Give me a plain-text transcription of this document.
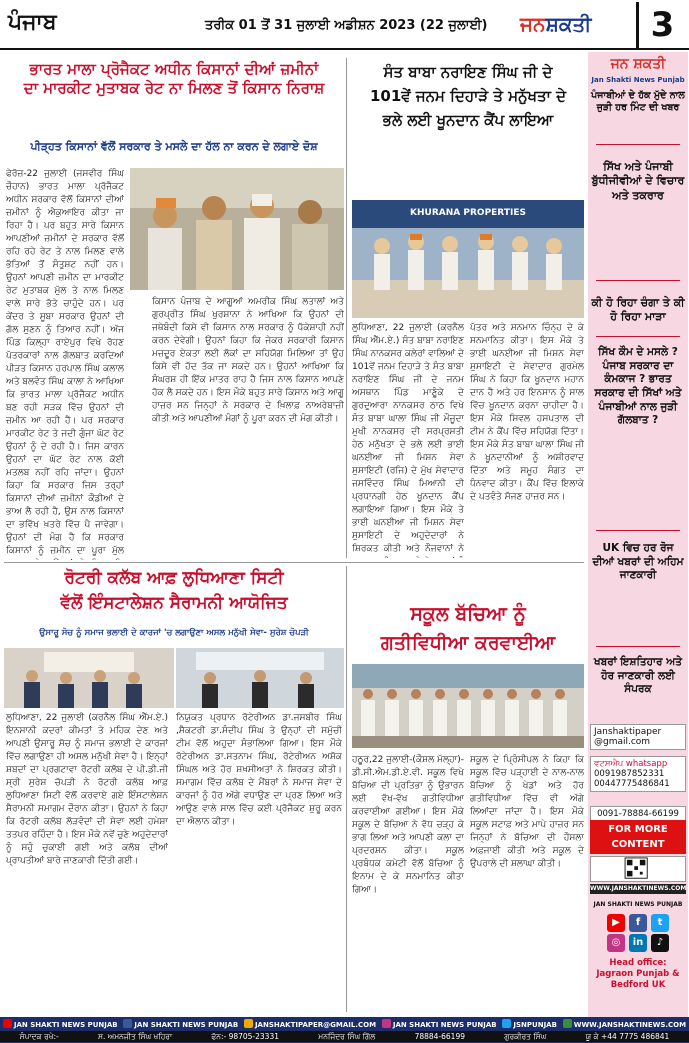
ਪੰਜਾਬ	ਤਰੀਕ 01 ਤੋਂ 31 ਜੁਲਾਈ ਅਡੀਸ਼ਨ 2023 (22 ਜੁਲਾਈ) ਜਨਸ਼ਕਤੀ	3
ਭਾਰਤ ਮਾਲਾ ਪ੍ਰੋਜੈਕਟ ਅਧੀਨ ਕਿਸਾਨਾਂ ਦੀਆਂ ਜ਼ਮੀਨਾਂ
ਦਾ ਮਾਰਕੀਟ ਮੁਤਾਬਕ ਰੇਟ ਨਾ ਮਿਲਣ ਤੋਂ ਕਿਸਾਨ ਨਿਰਾਸ਼
ਪੀੜ੍ਹਤ ਕਿਸਾਨਾਂ ਵੱਲੋਂ ਸਰਕਾਰ ਤੇ ਮਸਲੇ ਦਾ ਹੱਲ ਨਾ ਕਰਨ ਦੇ ਲਗਾਏ ਦੋਸ਼
ਫੇਰੋਜ਼-22 ਜੁਲਾਈ (ਜਸਵੀਰ ਸਿੰਘ ਚੌਹਾਨ) ਭਾਰਤ ਮਾਲਾ ਪ੍ਰੋਜੈਕਟ ਅਧੀਨ ਸਰਕਾਰ ਵੱਲੋਂ ਕਿਸਾਨਾਂ ਦੀਆਂ ਜ਼ਮੀਨਾਂ ਨੂੰ ਐਕੁਆਇਰ ਕੀਤਾ ਜਾ ਰਿਹਾ ਹੈ। ਪਰ ਬਹੁਤ ਸਾਰੇ ਕਿਸਾਨ ਆਪਣੀਆਂ ਜ਼ਮੀਨਾਂ ਦੇ ਸਰਕਾਰ ਵੱਲੋਂ ਰਹਿ ਰਹੇ ਰੇਟ ਤੇ ਨਾਲ ਮਿਲਣ ਵਾਲੇ ਭੱਤਿਆਂ ਤੋਂ ਸੰਤੁਸ਼ਟ ਨਹੀਂ ਹਨ। ਉਹਨਾਂ ਆਪਣੀ ਜ਼ਮੀਨ ਦਾ ਮਾਰਕੀਟ ਰੇਟ ਮੁਤਾਬਕ ਮੁੱਲ ਤੇ ਨਾਲ ਮਿਲਣ ਵਾਲੇ ਸਾਰੇ ਭੱਤੇ ਚਾਹੁੰਦੇ ਹਨ। ਪਰ ਕੇਂਦਰ ਤੇ ਸੂਬਾ ਸਰਕਾਰ ਉਹਨਾਂ ਦੀ ਗੱਲ ਸੁਣਨ ਨੂੰ ਤਿਆਰ ਨਹੀਂ। ਅੱਜ ਪਿੰਡ ਕਿਲ੍ਹਾ ਰਾਏਪੁਰ ਵਿਖੇ ਰੋਹਣ ਪੱਤਰਕਾਰਾਂ ਨਾਲ ਗੱਲਬਾਤ ਕਰਦਿਆਂ ਪੀੜਤ ਕਿਸਾਨ ਹਰਪਾਲ ਸਿੰਘ ਕਲਾਲ ਅਤੇ ਬਲਵੰਤ ਸਿੰਘ ਕਾਲਾ ਨੇ ਆਖਿਆ ਕਿ ਭਾਰਤ ਮਾਲਾ ਪ੍ਰੋਜੈਕਟ ਅਧੀਨ ਬਣ ਰਹੀ ਸੜਕ ਵਿੱਚ ਉਹਨਾਂ ਦੀ ਜ਼ਮੀਨ ਆ ਰਹੀ ਹੈ। ਪਰ ਸਰਕਾਰ ਮਾਰਕੀਟ ਰੇਟ ਤੇ ਜਦੀ ਗੁੰਜਾ ਘੱਟ ਰੇਟ ਉਹਨਾਂ ਨੂੰ ਦੇ ਰਹੀ ਹੈ। ਜਿਸ ਕਾਰਨ ਉਹਨਾਂ ਦਾ ਘੱਟ ਰੇਟ ਨਾਲ ਕੋਈ ਮਤਲਬ ਨਹੀਂ ਰਹਿ ਜਾਂਦਾ। ਉਹਨਾਂ ਕਿਹਾ ਕਿ ਸਰਕਾਰ ਜਿਸ ਤਰ੍ਹਾਂ ਕਿਸਾਨਾਂ ਦੀਆਂ ਜ਼ਮੀਨਾਂ ਕੌਡੀਆਂ ਦੇ ਭਾਅ ਲੈ ਰਹੀ ਹੈ, ਉਸ ਨਾਲ ਕਿਸਾਨਾਂ ਦਾ ਭਵਿੱਖ ਖ਼ਤਰੇ ਵਿੱਚ ਪੈ ਜਾਵੇਗਾ। ਉਹਨਾਂ ਦੀ ਮੰਗ ਹੈ ਕਿ ਸਰਕਾਰ ਕਿਸਾਨਾਂ ਨੂੰ ਜ਼ਮੀਨ ਦਾ ਪੂਰਾ ਮੁੱਲ
ਕਿਸਾਨ ਪੰਜਾਬ ਦੇ ਆਗੂਆਂ ਅਮਰੀਕ ਸਿੰਘ ਲਤਾਲਾਂ ਅਤੇ ਗੁਰਪ੍ਰੀਤ ਸਿੰਘ ਖੁਰਸ਼ਾਨਾ ਨੇ ਆਖਿਆ ਕਿ ਉਹਨਾਂ ਦੀ ਜਥੇਬੰਦੀ ਕਿਸੇ ਵੀ ਕਿਸਾਨ ਨਾਲ ਸਰਕਾਰ ਨੂੰ ਧੱਕੇਸ਼ਾਹੀ ਨਹੀਂ ਕਰਨ ਦੇਵੇਗੀ। ਉਹਨਾਂ ਕਿਹਾ ਕਿ ਜੇਕਰ ਸਰਕਾਰੀ ਕਿਸਾਨ ਮਜ਼ਦੂਰ ਏਕਤਾ ਲਈ ਲੋਕਾਂ ਦਾ ਸਹਿਯੋਗ ਮਿਲਿਆ ਤਾਂ ਉਹ ਕਿਸੇ ਵੀ ਹੱਦ ਤੱਕ ਜਾ ਸਕਦੇ ਹਨ। ਉਹਨਾਂ ਆਖਿਆ ਕਿ ਸੰਘਰਸ਼ ਹੀ ਇੱਕ ਮਾਤਰ ਰਾਹ ਹੈ ਜਿਸ ਨਾਲ ਕਿਸਾਨ ਆਪਣੇ ਹੱਕ ਲੈ ਸਕਦੇ ਹਨ। ਇਸ ਮੌਕੇ ਬਹੁਤ ਸਾਰੇ ਕਿਸਾਨ ਅਤੇ ਆਗੂ ਹਾਜ਼ਰ ਸਨ ਜਿਨ੍ਹਾਂ ਨੇ ਸਰਕਾਰ ਦੇ ਖ਼ਿਲਾਫ਼ ਨਾਅਰੇਬਾਜ਼ੀ ਕੀਤੀ ਅਤੇ ਆਪਣੀਆਂ ਮੰਗਾਂ ਨੂੰ ਪੂਰਾ ਕਰਨ ਦੀ ਮੰਗ ਕੀਤੀ।
ਸੰਤ ਬਾਬਾ ਨਰਾਇਣ ਸਿੰਘ ਜੀ ਦੇ
101ਵੇਂ ਜਨਮ ਦਿਹਾੜੇ ਤੇ ਮਨੁੱਖਤਾ ਦੇ
ਭਲੇ ਲਈ ਖੂਨਦਾਨ ਕੈਂਪ ਲਾਇਆ
KHURANA PROPERTIES
ਲੁਧਿਆਣਾ, 22 ਜੁਲਾਈ (ਕਰਨੈਲ ਸਿੰਘ ਐੱਮ.ਏ.) ਸੰਤ ਬਾਬਾ ਨਰਾਇਣ ਸਿੰਘ ਨਾਨਕਸਰ ਕਲੇਰਾਂ ਵਾਲਿਆਂ ਦੇ 101ਵੇਂ ਜਨਮ ਦਿਹਾੜੇ ਤੇ ਸੰਤ ਬਾਬਾ ਨਰਾਇਣ ਸਿੰਘ ਜੀ ਦੇ ਜਨਮ ਅਸਥਾਨ ਪਿੰਡ ਮਾਣੂੰਕੇ ਦੇ ਗੁਰਦੁਆਰਾ ਨਾਨਕਸਰ ਠਾਠ ਵਿਖੇ ਸੰਤ ਬਾਬਾ ਘਾਲਾ ਸਿੰਘ ਜੀ ਮੌਜੂਦਾ ਮੁਖੀ ਨਾਨਕਸਰ ਦੀ ਸਰਪ੍ਰਸਤੀ ਹੇਠ ਮਨੁੱਖਤਾ ਦੇ ਭਲੇ ਲਈ ਭਾਈ ਘਨਈਆ ਜੀ ਮਿਸ਼ਨ ਸੇਵਾ ਸੁਸਾਇਟੀ (ਰਜਿ) ਦੇ ਮੁੱਖ ਸੇਵਾਦਾਰ ਜਸਵਿੰਦਰ ਸਿੰਘ ਮਿਆਨੀ ਦੀ ਪ੍ਰਧਾਨਗੀ ਹੇਠ ਖੂਨਦਾਨ ਕੈਂਪ ਲਗਾਇਆ ਗਿਆ। ਇਸ ਮੌਕੇ ਤੇ ਭਾਈ ਘਨਈਆ ਜੀ ਮਿਸ਼ਨ ਸੇਵਾ ਸੁਸਾਇਟੀ ਦੇ ਅਹੁਦੇਦਾਰਾਂ ਨੇ ਸ਼ਿਰਕਤ ਕੀਤੀ ਅਤੇ ਨੌਜਵਾਨਾਂ ਨੇ
ਪੱਤਰ ਅਤੇ ਸਨਮਾਨ ਚਿੰਨ੍ਹ ਦੇ ਕੇ ਸਨਮਾਨਿਤ ਕੀਤਾ। ਇਸ ਮੌਕੇ ਤੇ ਭਾਈ ਘਨਈਆ ਜੀ ਮਿਸ਼ਨ ਸੇਵਾ ਸੁਸਾਇਟੀ ਦੇ ਸੇਵਾਦਾਰ ਗੁਰਮੇਲ ਸਿੰਘ ਨੇ ਕਿਹਾ ਕਿ ਖੂਨਦਾਨ ਮਹਾਨ ਦਾਨ ਹੈ ਅਤੇ ਹਰ ਇਨਸਾਨ ਨੂੰ ਸਾਲ ਵਿੱਚ ਖੂਨਦਾਨ ਕਰਨਾ ਚਾਹੀਦਾ ਹੈ। ਇਸ ਮੌਕੇ ਸਿਵਲ ਹਸਪਤਾਲ ਦੀ ਟੀਮ ਨੇ ਕੈਂਪ ਵਿੱਚ ਸਹਿਯੋਗ ਦਿੱਤਾ। ਇਸ ਮੌਕੇ ਸੰਤ ਬਾਬਾ ਘਾਲਾ ਸਿੰਘ ਜੀ ਨੇ ਖੂਨਦਾਨੀਆਂ ਨੂੰ ਅਸ਼ੀਰਵਾਦ ਦਿੱਤਾ ਅਤੇ ਸਮੂਹ ਸੰਗਤ ਦਾ ਧੰਨਵਾਦ ਕੀਤਾ। ਕੈਂਪ ਵਿੱਚ ਇਲਾਕੇ ਦੇ ਪਤਵੰਤੇ ਸੱਜਣ ਹਾਜ਼ਰ ਸਨ।
ਰੋਟਰੀ ਕਲੱਬ ਆਫ਼ ਲੁਧਿਆਣਾ ਸਿਟੀ
ਵੱਲੋਂ ਇੰਸਟਾਲੇਸ਼ਨ ਸੈਰਾਮਨੀ ਆਯੋਜਿਤ
ਉਸਾਰੂ ਸੋਚ ਨੂੰ ਸਮਾਜ ਭਲਾਈ ਦੇ ਕਾਰਜਾਂ 'ਚ ਲਗਾਉਣਾ ਅਸਲ ਮਨੁੱਖੀ ਸੇਵਾ- ਸੁਰੇਸ਼ ਚੋਪੜੀ
ਲੁਧਿਆਣਾ, 22 ਜੁਲਾਈ (ਕਰਨੈਲ ਸਿੰਘ ਐੱਮ.ਏ.) ਇਨਸਾਨੀ ਕਦਰਾਂ ਕੀਮਤਾਂ ਤੇ ਮਹਿਕ ਦੇਣ ਅਤੇ ਆਪਣੀ ਉਸਾਰੂ ਸੋਚ ਨੂੰ ਸਮਾਜ ਭਲਾਈ ਦੇ ਕਾਰਜਾਂ ਵਿੱਚ ਲਗਾਉਣਾ ਹੀ ਅਸਲ ਮਨੁੱਖੀ ਸੇਵਾ ਹੈ। ਇਨ੍ਹਾਂ ਸ਼ਬਦਾਂ ਦਾ ਪ੍ਰਗਟਾਵਾ ਰੋਟਰੀ ਕਲੱਬ ਦੇ ਪੀ.ਡੀ.ਜੀ ਸ੍ਰੀ ਸੁਰੇਸ਼ ਚੋਪੜੀ ਨੇ ਰੋਟਰੀ ਕਲੱਬ ਆਫ਼ ਲੁਧਿਆਣਾ ਸਿਟੀ ਵੱਲੋਂ ਕਰਵਾਏ ਗਏ ਇੰਸਟਾਲੇਸ਼ਨ ਸੈਰਾਮਨੀ ਸਮਾਗਮ ਦੌਰਾਨ ਕੀਤਾ। ਉਹਨਾਂ ਨੇ ਕਿਹਾ ਕਿ ਰੋਟਰੀ ਕਲੱਬ ਲੋੜਵੰਦਾਂ ਦੀ ਸੇਵਾ ਲਈ ਹਮੇਸ਼ਾ ਤਤਪਰ ਰਹਿੰਦਾ ਹੈ। ਇਸ ਮੌਕੇ ਨਵੇਂ ਚੁਣੇ ਅਹੁਦੇਦਾਰਾਂ ਨੂੰ ਸਹੁੰ ਚੁਕਾਈ ਗਈ ਅਤੇ ਕਲੱਬ ਦੀਆਂ ਪ੍ਰਾਪਤੀਆਂ ਬਾਰੇ ਜਾਣਕਾਰੀ ਦਿੱਤੀ ਗਈ।
ਨਿਯੁਕਤ ਪ੍ਰਧਾਨ ਰੋਟੇਰੀਅਨ ਡਾ.ਜਸਬੀਰ ਸਿੰਘ ,ਸੈਕਟਰੀ ਡਾ.ਸੰਦੀਪ ਸਿੰਘ ਤੇ ਉਨ੍ਹਾਂ ਦੀ ਸਮੁੱਚੀ ਟੀਮ ਵੱਲੋਂ ਅਹੁਦਾ ਸੰਭਾਲਿਆ ਗਿਆ। ਇਸ ਮੌਕੇ ਰੋਟੇਰੀਅਨ ਡਾ.ਸਤਨਾਮ ਸਿੰਘ, ਰੋਟੇਰੀਅਨ ਅਸ਼ੋਕ ਸਿੰਘਲ ਅਤੇ ਹੋਰ ਸ਼ਖ਼ਸੀਅਤਾਂ ਨੇ ਸ਼ਿਰਕਤ ਕੀਤੀ। ਸਮਾਗਮ ਵਿੱਚ ਕਲੱਬ ਦੇ ਮੈਂਬਰਾਂ ਨੇ ਸਮਾਜ ਸੇਵਾ ਦੇ ਕਾਰਜਾਂ ਨੂੰ ਹੋਰ ਅੱਗੇ ਵਧਾਉਣ ਦਾ ਪ੍ਰਣ ਲਿਆ ਅਤੇ ਆਉਣ ਵਾਲੇ ਸਾਲ ਵਿੱਚ ਕਈ ਪ੍ਰੋਜੈਕਟ ਸ਼ੁਰੂ ਕਰਨ ਦਾ ਐਲਾਨ ਕੀਤਾ।
ਸਕੂਲ ਬੱਚਿਆ ਨੂੰ
ਗਤੀਵਿਧੀਆ ਕਰਵਾਈਆ
ਹਠੂਰ,22 ਜੁਲਾਈ-(ਕੌਸ਼ਲ ਮੱਲ੍ਹਾ)-ਡੀ.ਸੀ.ਐਮ.ਡੀ.ਏ.ਵੀ. ਸਕੂਲ ਵਿਖੇ ਬੱਚਿਆ ਦੀ ਪ੍ਰਤਿਭਾ ਨੂੰ ਉਭਾਰਨ ਲਈ ਵੱਖ-ਵੱਖ ਗਤੀਵਿਧੀਆ ਕਰਵਾਈਆ ਗਈਆ। ਇਸ ਮੌਕੇ ਸਕੂਲ ਦੇ ਬੱਚਿਆ ਨੇ ਵੱਧ ਚੜ੍ਹ ਕੇ ਭਾਗ ਲਿਆ ਅਤੇ ਆਪਣੀ ਕਲਾ ਦਾ ਪ੍ਰਦਰਸ਼ਨ ਕੀਤਾ। ਸਕੂਲ ਪ੍ਰਬੰਧਕ ਕਮੇਟੀ ਵੱਲੋਂ ਬੱਚਿਆ ਨੂੰ ਇਨਾਮ ਦੇ ਕੇ ਸਨਮਾਨਿਤ ਕੀਤਾ ਗਿਆ।
ਸਕੂਲ ਦੇ ਪ੍ਰਿੰਸੀਪਲ ਨੇ ਕਿਹਾ ਕਿ ਸਕੂਲ ਵਿੱਚ ਪੜ੍ਹਾਈ ਦੇ ਨਾਲ-ਨਾਲ ਬੱਚਿਆ ਨੂੰ ਖੇਡਾਂ ਅਤੇ ਹੋਰ ਗਤੀਵਿਧੀਆ ਵਿੱਚ ਵੀ ਅੱਗੇ ਲਿਆਂਦਾ ਜਾਂਦਾ ਹੈ। ਇਸ ਮੌਕੇ ਸਕੂਲ ਸਟਾਫ਼ ਅਤੇ ਮਾਪੇ ਹਾਜ਼ਰ ਸਨ ਜਿਨ੍ਹਾਂ ਨੇ ਬੱਚਿਆ ਦੀ ਹੌਸਲਾ ਅਫ਼ਜਾਈ ਕੀਤੀ ਅਤੇ ਸਕੂਲ ਦੇ ਉਪਰਾਲੇ ਦੀ ਸ਼ਲਾਘਾ ਕੀਤੀ।
ਜਨ ਸ਼ਕਤੀ
Jan Shakti News Punjab
ਪੰਜਾਬੀਆਂ ਦੇ ਹੱਕ ਮੁੱਦੇ ਨਾਲ ਜੁੜੀ ਹਰ ਮਿੰਟ ਦੀ ਖਬਰ
ਸਿੱਖ ਅਤੇ ਪੰਜਾਬੀ ਬੁੱਧੀਜੀਵੀਆਂ ਦੇ ਵਿਚਾਰ ਅਤੇ ਤਕਰਾਰ
ਕੀ ਹੋ ਰਿਹਾ ਚੰਗਾ ਤੇ ਕੀ ਹੋ ਰਿਹਾ ਮਾੜਾ
ਸਿੱਖ ਕੌਮ ਦੇ ਮਸਲੇ ? ਪੰਜਾਬ ਸਰਕਾਰ ਦਾ ਕੰਮਕਾਜ ? ਭਾਰਤ ਸਰਕਾਰ ਦੀ ਸਿੱਖਾਂ ਅਤੇ ਪੰਜਾਬੀਆਂ ਨਾਲ ਜੁੜੀ ਗੱਲਬਾਤ ?
UK ਵਿਚ ਹਰ ਰੋਜ ਦੀਆਂ ਖਬਰਾਂ ਦੀ ਅਹਿਮ ਜਾਣਕਾਰੀ
ਖਬਰਾਂ ਇਸ਼ਤਿਹਾਰ ਅਤੇ ਹੋਰ ਜਾਣਕਾਰੀ ਲਈ ਸੰਪਰਕ
Janshaktipaper
@gmail.com
ਵਟਸਐਪ whatsapp
0091987852331
00447775486841
0091-78884-66199
FOR MORE
CONTENT
WWW.JANSHAKTINEWS.COM
JAN SHAKTI NEWS PUNJAB
▶	f	t
◎	in	♪
Head office:
Jagraon Punjab &
Bedford UK
JAN SHAKTI NEWS PUNJAB	JAN SHAKTI NEWS PUNJAB	JANSHAKTIPAPER@GMAIL.COM	JAN SHAKTI NEWS PUNJAB	JSNPUNJAB	WWW.JANSHAKTINEWS.COM
ਸੰਪਾਦਕ ਰਖੇ:-	ਸ. ਅਮਨਜੀਤ ਸਿੰਘ ਖਹਿਰਾ	ਫੋਨ:- 98705-23331	ਮਨਜਿੰਦਰ ਸਿੰਘ ਗਿੱਲ	78884-66199	ਗੁਰਕੀਰਤ ਸਿੰਘ	ਯੂ ਕੇ +44 7775 486841
